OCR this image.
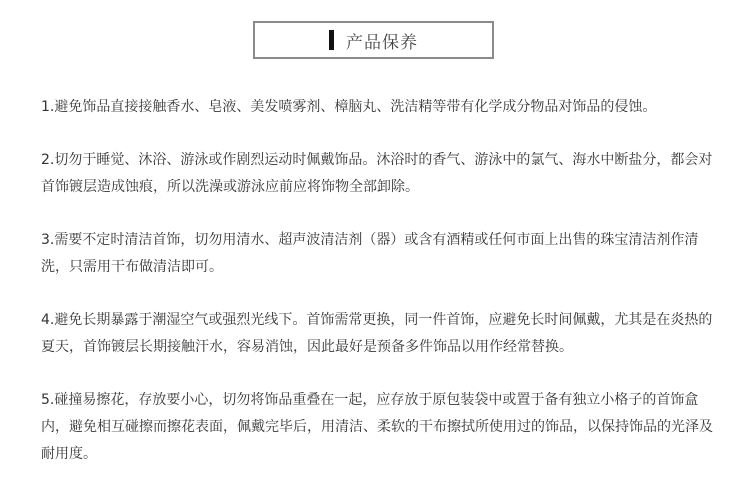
产品保养
1.避免饰品直接接触香水、皂液、美发喷雾剂、樟脑丸、洗洁精等带有化学成分物品对饰品的侵蚀。
2.切勿于睡觉、沐浴、游泳或作剧烈运动时佩戴饰品。沐浴时的香气、游泳中的氯气、海水中断盐分，都会对首饰镀层造成蚀痕，所以洗澡或游泳应前应将饰物全部卸除。
3.需要不定时清洁首饰，切勿用清水、超声波清洁剂（器）或含有酒精或任何市面上出售的珠宝清洁剂作清洗，只需用干布做清洁即可。
4.避免长期暴露于潮湿空气或强烈光线下。首饰需常更换，同一件首饰，应避免长时间佩戴，尤其是在炎热的夏天，首饰镀层长期接触汗水，容易消蚀，因此最好是预备多件饰品以用作经常替换。
5.碰撞易擦花，存放要小心，切勿将饰品重叠在一起，应存放于原包装袋中或置于备有独立小格子的首饰盒内，避免相互碰擦而擦花表面，佩戴完毕后，用清洁、柔软的干布擦拭所使用过的饰品，以保持饰品的光泽及耐用度。
